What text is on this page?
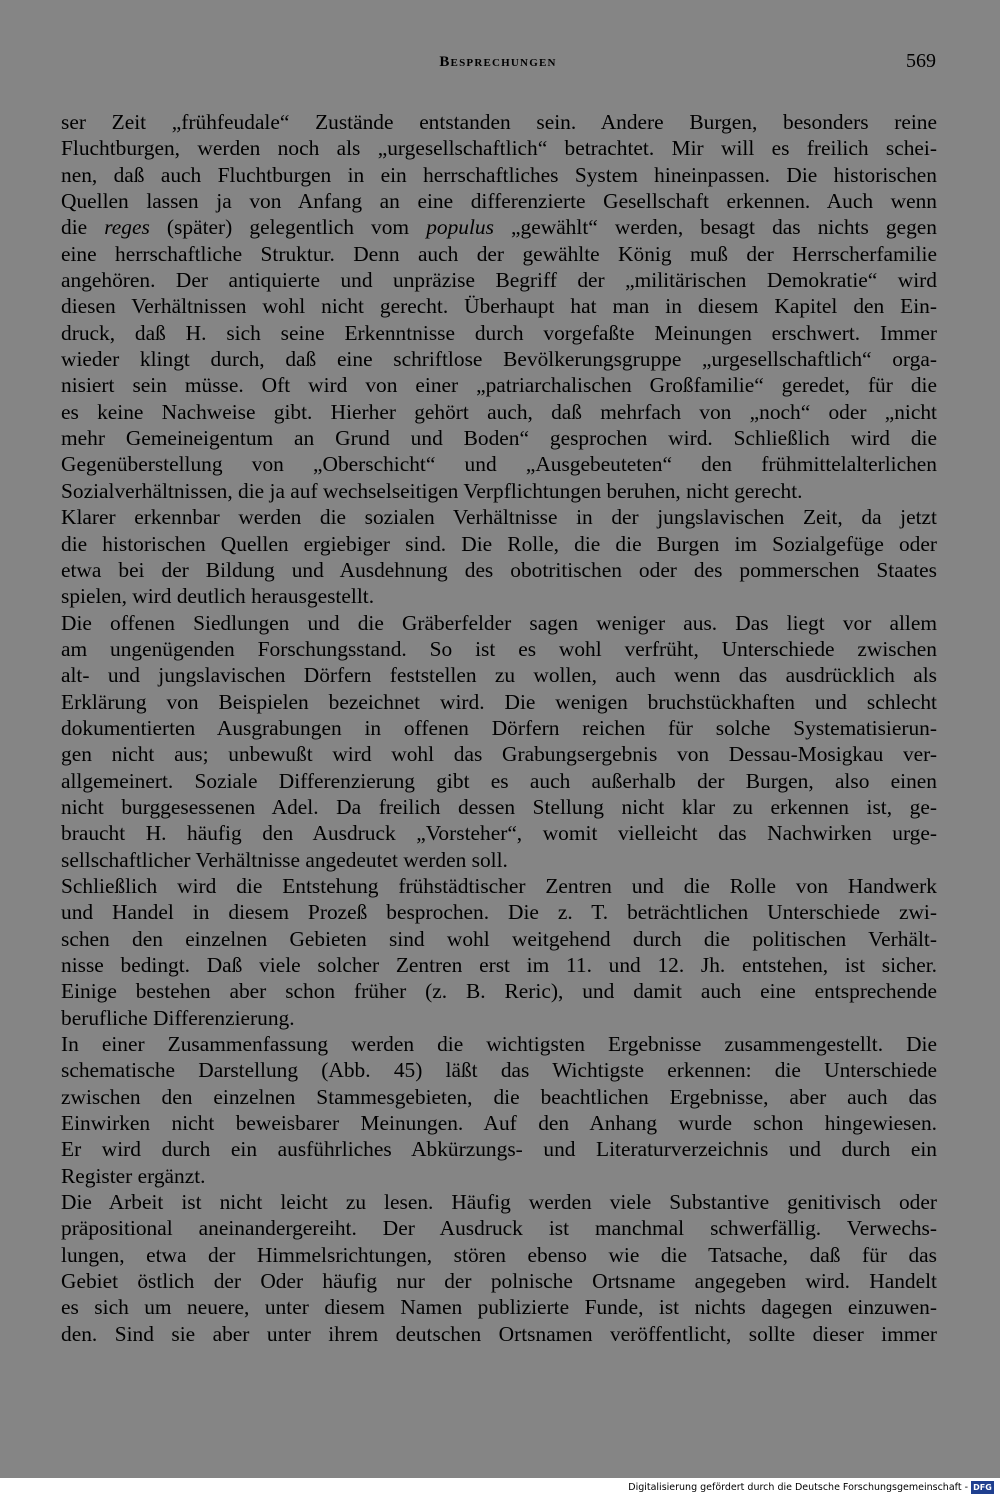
Besprechungen	569

ser Zeit „frühfeudale“ Zustände entstanden sein. Andere Burgen, besonders reine
Fluchtburgen, werden noch als „urgesellschaftlich“ betrachtet. Mir will es freilich schei-
nen, daß auch Fluchtburgen in ein herrschaftliches System hineinpassen. Die historischen
Quellen lassen ja von Anfang an eine differenzierte Gesellschaft erkennen. Auch wenn
die reges (später) gelegentlich vom populus „gewählt“ werden, besagt das nichts gegen
eine herrschaftliche Struktur. Denn auch der gewählte König muß der Herrscherfamilie
angehören. Der antiquierte und unpräzise Begriff der „militärischen Demokratie“ wird
diesen Verhältnissen wohl nicht gerecht. Überhaupt hat man in diesem Kapitel den Ein-
druck, daß H. sich seine Erkenntnisse durch vorgefaßte Meinungen erschwert. Immer
wieder klingt durch, daß eine schriftlose Bevölkerungsgruppe „urgesellschaftlich“ orga-
nisiert sein müsse. Oft wird von einer „patriarchalischen Großfamilie“ geredet, für die
es keine Nachweise gibt. Hierher gehört auch, daß mehrfach von „noch“ oder „nicht
mehr Gemeineigentum an Grund und Boden“ gesprochen wird. Schließlich wird die
Gegenüberstellung von „Oberschicht“ und „Ausgebeuteten“ den frühmittelalterlichen
Sozialverhältnissen, die ja auf wechselseitigen Verpflichtungen beruhen, nicht gerecht.

Klarer erkennbar werden die sozialen Verhältnisse in der jungslavischen Zeit, da jetzt
die historischen Quellen ergiebiger sind. Die Rolle, die die Burgen im Sozialgefüge oder
etwa bei der Bildung und Ausdehnung des obotritischen oder des pommerschen Staates
spielen, wird deutlich herausgestellt.

Die offenen Siedlungen und die Gräberfelder sagen weniger aus. Das liegt vor allem
am ungenügenden Forschungsstand. So ist es wohl verfrüht, Unterschiede zwischen
alt- und jungslavischen Dörfern feststellen zu wollen, auch wenn das ausdrücklich als
Erklärung von Beispielen bezeichnet wird. Die wenigen bruchstückhaften und schlecht
dokumentierten Ausgrabungen in offenen Dörfern reichen für solche Systematisierun-
gen nicht aus; unbewußt wird wohl das Grabungsergebnis von Dessau-Mosigkau ver-
allgemeinert. Soziale Differenzierung gibt es auch außerhalb der Burgen, also einen
nicht burggesessenen Adel. Da freilich dessen Stellung nicht klar zu erkennen ist, ge-
braucht H. häufig den Ausdruck „Vorsteher“, womit vielleicht das Nachwirken urge-
sellschaftlicher Verhältnisse angedeutet werden soll.

Schließlich wird die Entstehung frühstädtischer Zentren und die Rolle von Handwerk
und Handel in diesem Prozeß besprochen. Die z. T. beträchtlichen Unterschiede zwi-
schen den einzelnen Gebieten sind wohl weitgehend durch die politischen Verhält-
nisse bedingt. Daß viele solcher Zentren erst im 11. und 12. Jh. entstehen, ist sicher.
Einige bestehen aber schon früher (z. B. Reric), und damit auch eine entsprechende
berufliche Differenzierung.

In einer Zusammenfassung werden die wichtigsten Ergebnisse zusammengestellt. Die
schematische Darstellung (Abb. 45) läßt das Wichtigste erkennen: die Unterschiede
zwischen den einzelnen Stammesgebieten, die beachtlichen Ergebnisse, aber auch das
Einwirken nicht beweisbarer Meinungen. Auf den Anhang wurde schon hingewiesen.
Er wird durch ein ausführliches Abkürzungs- und Literaturverzeichnis und durch ein
Register ergänzt.

Die Arbeit ist nicht leicht zu lesen. Häufig werden viele Substantive genitivisch oder
präpositional aneinandergereiht. Der Ausdruck ist manchmal schwerfällig. Verwechs-
lungen, etwa der Himmelsrichtungen, stören ebenso wie die Tatsache, daß für das
Gebiet östlich der Oder häufig nur der polnische Ortsname angegeben wird. Handelt
es sich um neuere, unter diesem Namen publizierte Funde, ist nichts dagegen einzuwen-
den. Sind sie aber unter ihrem deutschen Ortsnamen veröffentlicht, sollte dieser immer

Digitalisierung gefördert durch die Deutsche Forschungsgemeinschaft - DFG
